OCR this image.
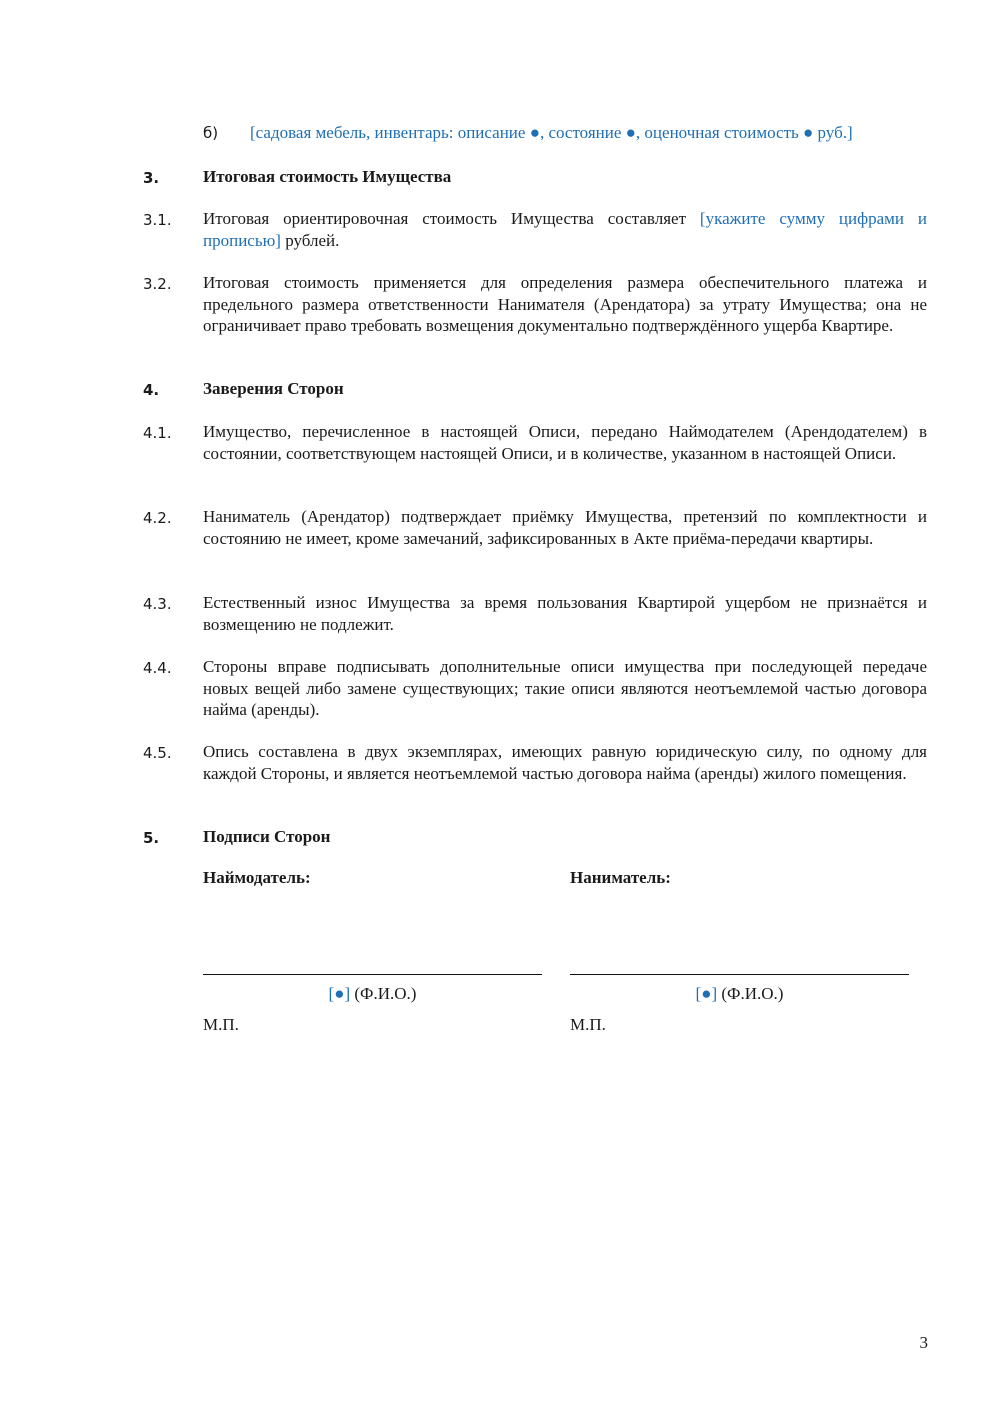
б) [садовая мебель, инвентарь: описание ●, состояние ●, оценочная стоимость ● руб.]
3.	Итоговая стоимость Имущества
3.1. Итоговая ориентировочная стоимость Имущества составляет [укажите сумму цифрами и прописью] рублей.
3.2. Итоговая стоимость применяется для определения размера обеспечительного платежа и предельного размера ответственности Нанимателя (Арендатора) за утрату Имущества; она не ограничивает право требовать возмещения документально подтверждённого ущерба Квартире.
4.	Заверения Сторон
4.1. Имущество, перечисленное в настоящей Описи, передано Наймодателем (Арендодателем) в состоянии, соответствующем настоящей Описи, и в количестве, указанном в настоящей Описи.
4.2. Наниматель (Арендатор) подтверждает приёмку Имущества, претензий по комплектности и состоянию не имеет, кроме замечаний, зафиксированных в Акте приёма-передачи квартиры.
4.3. Естественный износ Имущества за время пользования Квартирой ущербом не признаётся и возмещению не подлежит.
4.4. Стороны вправе подписывать дополнительные описи имущества при последующей передаче новых вещей либо замене существующих; такие описи являются неотъемлемой частью договора найма (аренды).
4.5. Опись составлена в двух экземплярах, имеющих равную юридическую силу, по одному для каждой Стороны, и является неотъемлемой частью договора найма (аренды) жилого помещения.
5.	Подписи Сторон
Наймодатель:
[●] (Ф.И.О.)
М.П.
Наниматель:
[●] (Ф.И.О.)
М.П.
3
